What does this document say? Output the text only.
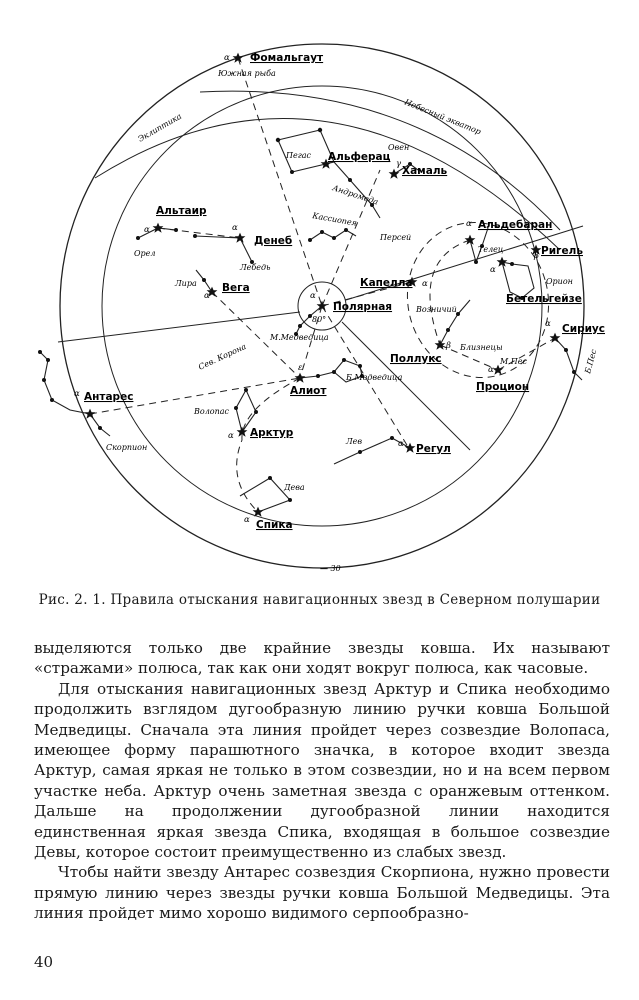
Фомальгаут
Альферац
Хамаль
Альтаир
Денеб
Вега
Полярная
Капелла
Альдебаран
Ригель
Бетельгейзе
Сириус
Поллукс
Процион
Алиот
Арктур
Антарес
Регул
Спика
Южная рыба
Пегас
Андромеда
Овен
Кассиопея
Персей
Орел
Лебедь
Лира
Телец
Возничий
Орион
Близнецы
М.Пес	Б.Пес
М.Медведица
Б.Медведица
Сев. Корона
Волопас
Скорпион
Лев
Дева
Эклиптика	Небесный экватор
80°
— 30
α
α	α
α	α
α
α
α
β
α
β
α
ε
α
α
α
α
γ
Рис. 2. 1. Правила отыскания навигационных звезд в Северном полушарии

выделяются только две крайние звезды ковша. Их называют «стражами» полюса, так как они ходят вокруг полюса, как часовые.

Для отыскания навигационных звезд Арктур и Спика необходимо продолжить взглядом дугообразную линию ручки ковша Большой Медведицы. Сначала эта линия пройдет через созвездие Волопаса, имеющее форму парашютного значка, в которое входит звезда Арктур, самая яркая не только в этом созвездии, но и на всем первом участке неба. Арктур очень заметная звезда с оранжевым оттенком. Дальше на продолжении дугообразной линии находится единственная яркая звезда Спика, входящая в большое созвездие Девы, которое состоит преимущественно из слабых звезд.

Чтобы найти звезду Антарес созвездия Скорпиона, нужно провести прямую линию через звезды ручки ковша Большой Медведицы. Эта линия пройдет мимо хорошо видимого серпообразно-

40
